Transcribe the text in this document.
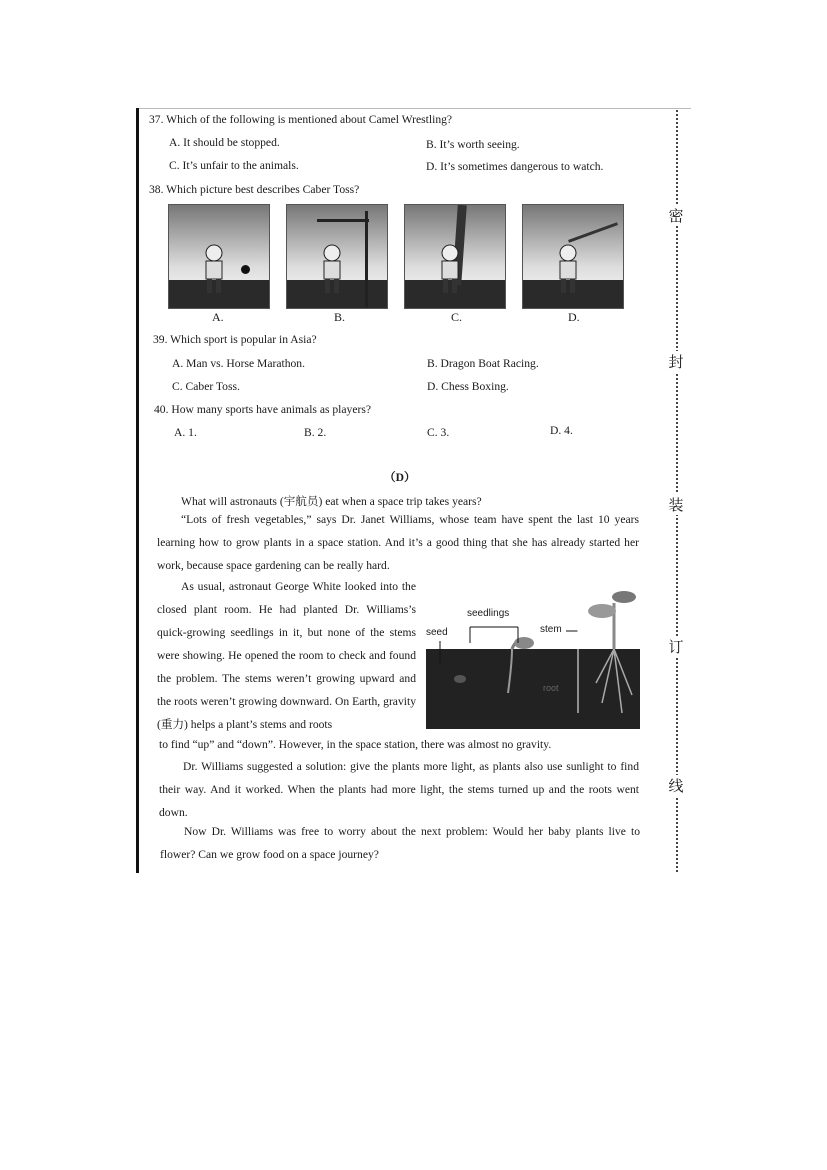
密
封
装
订
线
37. Which of the following is mentioned about Camel Wrestling?
A. It should be stopped.	B. It’s worth seeing.
C. It’s unfair to the animals.	D. It’s sometimes dangerous to watch.
38. Which picture best describes Caber Toss?
A.	B.	C.	D.
39. Which sport is popular in Asia?
A. Man vs. Horse Marathon.	B. Dragon Boat Racing.
C. Caber Toss.	D. Chess Boxing.
40. How many sports have animals as players?
A. 1.	B. 2.	C. 3.	D. 4.
（D）
What will astronauts (宇航员) eat when a space trip takes years?
“Lots of fresh vegetables,” says Dr. Janet Williams, whose team have spent the last 10 years learning how to grow plants in a space station. And it’s a good thing that she has already started her work, because space gardening can be really hard.
As usual, astronaut George White looked into the closed plant room. He had planted Dr. Williams’s quick-growing seedlings in it, but none of the stems were showing. He opened the room to check and found the problem. The stems weren’t growing upward and the roots weren’t growing downward. On Earth, gravity (重力) helps a plant’s stems and roots
to find “up” and “down”. However, in the space station, there was almost no gravity.
seed
seedlings
stem
root
Dr. Williams suggested a solution: give the plants more light, as plants also use sunlight to find their way. And it worked. When the plants had more light, the stems turned up and the roots went down.
Now Dr. Williams was free to worry about the next problem: Would her baby plants live to flower? Can we grow food on a space journey?
